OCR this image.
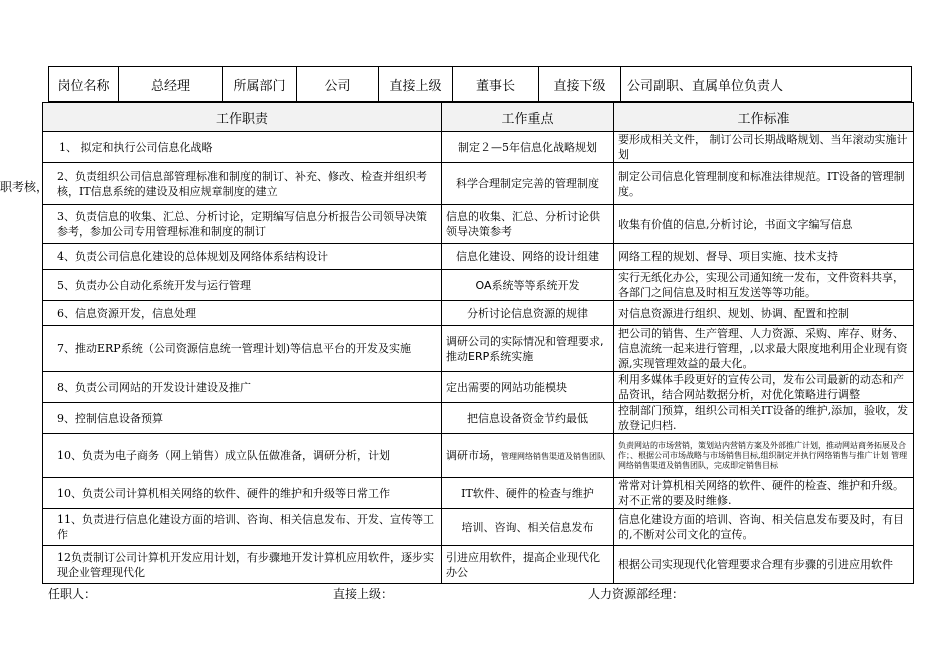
职考核，
岗位名称	总经理	所属部门	公司	直接上级	董事长	直接下级	公司副职、直属单位负责人
工作职责	工作重点	工作标准
1、 拟定和执行公司信息化战略	制定２—5年信息化战略规划	要形成相关文件， 制订公司长期战略规划、当年滚动实施计划
2、负责组织公司信息部管理标准和制度的制订、补充、修改、检查并组织考核，IT信息系统的建设及相应规章制度的建立	科学合理制定完善的管理制度	制定公司信息化管理制度和标准法律规范。IT设备的管理制度。
3、负责信息的收集、汇总、分析讨论，定期编写信息分析报告公司领导决策参考，参加公司专用管理标准和制度的制订	信息的收集、汇总、分析讨论供领导决策参考	收集有价值的信息,分析讨论，书面文字编写信息
4、负责公司信息化建设的总体规划及网络体系结构设计	信息化建设、网络的设计组建	网络工程的规划、督导、项目实施、技术支持
5、负责办公自动化系统开发与运行管理	OA系统等等系统开发	实行无纸化办公，实现公司通知统一发布，文件资料共享，各部门之间信息及时相互发送等等功能。
6、信息资源开发，信息处理	分析讨论信息资源的规律	对信息资源进行组织、规划、协调、配置和控制
7、推动ERP系统（公司资源信息统一管理计划)等信息平台的开发及实施	调研公司的实际情况和管理要求,推动ERP系统实施	把公司的销售、生产管理、人力资源、采购、库存、财务、信息流统一起来进行管理，,以求最大限度地利用企业现有资源,实现管理效益的最大化。
8、负责公司网站的开发设计建设及推广	定出需要的网站功能模块	利用多媒体手段更好的宣传公司，发布公司最新的动态和产品资讯，结合网站数据分析，对优化策略进行调整
9、控制信息设备预算	把信息设备资金节约最低	控制部门预算，组织公司相关IT设备的维护,添加，验收，发放登记归档.
10、负责为电子商务（网上销售）成立队伍做准备，调研分析，计划	调研市场，管理网络销售渠道及销售团队	负责网站的市场营销，策划站内营销方案及外部推广计划，推动网站商务拓展及合作；、根据公司市场战略与市场销售目标,组织制定并执行网络销售与推广计划 管理网络销售渠道及销售团队，完成即定销售目标
10、负责公司计算机相关网络的软件、硬件的维护和升级等日常工作	IT软件、硬件的检查与维护	常常对计算机相关网络的软件、硬件的检查、维护和升级。对不正常的要及时维修.
11、负责进行信息化建设方面的培训、咨询、相关信息发布、开发、宣传等工作	培训、咨询、相关信息发布	信息化建设方面的培训、咨询、相关信息发布要及时，有目的,不断对公司文化的宣传。
12负责制订公司计算机开发应用计划，有步骤地开发计算机应用软件，逐步实现企业管理现代化	引进应用软件，提高企业现代化办公	根据公司实现现代化管理要求合理有步骤的引进应用软件
任职人：	直接上级：	人力资源部经理：
